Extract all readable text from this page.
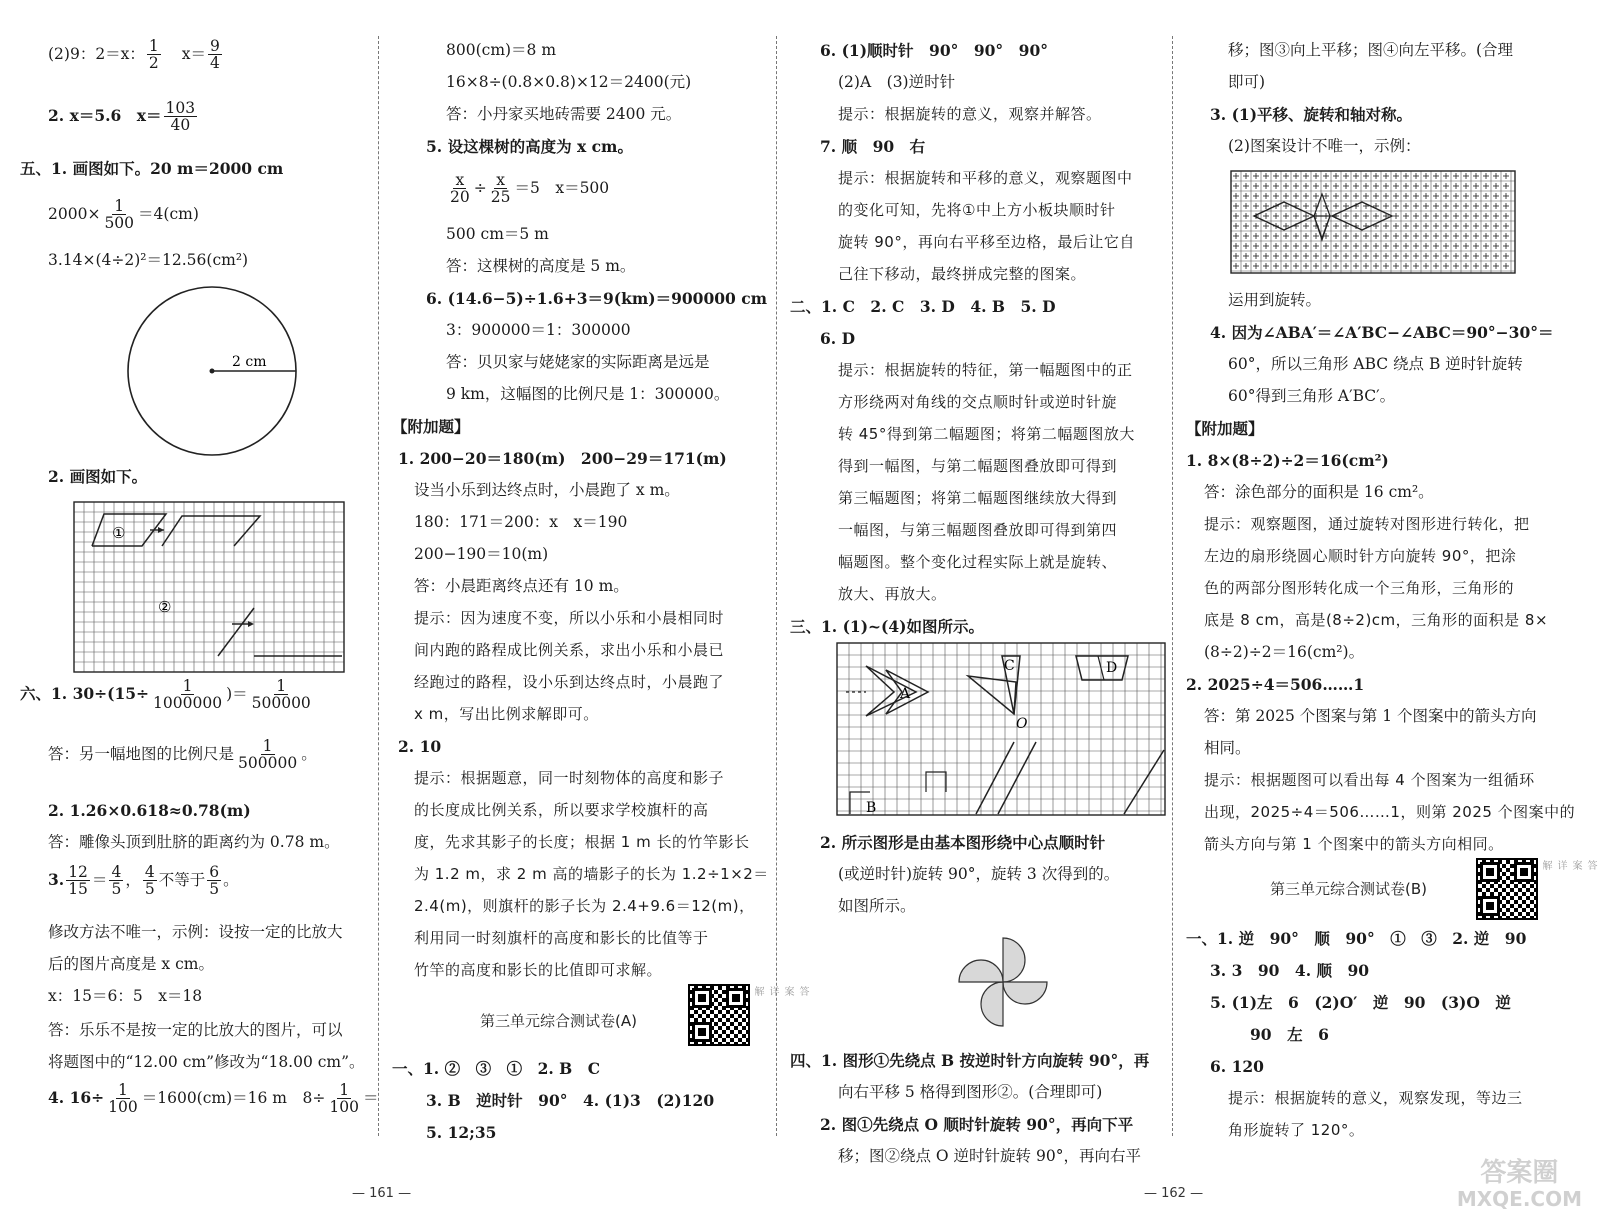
(2)9：2＝x： $\frac{1}{2} x= \frac{9}{4}$
2. x＝5.6　$x= \frac{103}{40}$
五、1. 画图如下。20 m＝2000 cm
$2000\times \frac{1}{500} =4(cm)$
3.14×(4÷2)²＝12.56(cm²)
2 cm
2. 画图如下。
①
②
六、1. $30\div(15\div \frac{1}{1000000}$ )＝ $\frac{1}{500000}$
答：另一幅地图的比例尺是 $\frac{1}{500000}$ 。
2. 1.26×0.618≈0.78(m)
答：雕像头顶到肚脐的距离约为 0.78 m。
3. $\frac{12}{15} = \frac{4}{5}$ ， $\frac{4}{5}$ 不等于 $\frac{6}{5}$ 。
修改方法不唯一，示例：设按一定的比放大
后的图片高度是 x cm。
x：15＝6：5　x＝18
答：乐乐不是按一定的比放大的图片，可以
将题图中的“12.00 cm”修改为“18.00 cm”。
4. $16\div \frac{1}{100} =1600(cm)=16$ m　$8\div \frac{1}{100}$ ＝
800(cm)＝8 m
16×8÷(0.8×0.8)×12＝2400(元)
答：小丹家买地砖需要 2400 元。
5. 设这棵树的高度为 x cm。
$\frac{x}{20} \div \frac{x}{25} =5$　x＝500
500 cm＝5 m
答：这棵树的高度是 5 m。
6. (14.6−5)÷1.6+3＝9(km)＝900000 cm
3：900000＝1：300000
答：贝贝家与姥姥家的实际距离是远是
9 km，这幅图的比例尺是 1：300000。
【附加题】
1. 200−20＝180(m)　200−29＝171(m)
设当小乐到达终点时，小晨跑了 x m。
180：171＝200：x　x＝190
200−190＝10(m)
答：小晨距离终点还有 10 m。
提示：因为速度不变，所以小乐和小晨相同时
间内跑的路程成比例关系，求出小乐和小晨已
经跑过的路程，设小乐到达终点时，小晨跑了
x m，写出比例求解即可。
2. 10
提示：根据题意，同一时刻物体的高度和影子
的长度成比例关系，所以要求学校旗杆的高
度，先求其影子的长度；根据 1 m 长的竹竿影长
为 1.2 m，求 2 m 高的墙影子的长为 1.2÷1×2＝
2.4(m)，则旗杆的影子长为 2.4+9.6＝12(m)，
利用同一时刻旗杆的高度和影长的比值等于
竹竿的高度和影长的比值即可求解。
第三单元综合测试卷(A)
答案详解
一、1. ②　③　①　2. B　C
3. B　逆时针　90°　4. (1)3　(2)120
5. 12;35
6. (1)顺时针　90°　90°　90°
(2)A　(3)逆时针
提示：根据旋转的意义，观察并解答。
7. 顺　90　右
提示：根据旋转和平移的意义，观察题图中
的变化可知，先将①中上方小板块顺时针
旋转 90°，再向右平移至边格，最后让它自
己往下移动，最终拼成完整的图案。
二、1. C　2. C　3. D　4. B　5. D
6. D
提示：根据旋转的特征，第一幅题图中的正
方形绕两对角线的交点顺时针或逆时针旋
转 45°得到第二幅题图；将第二幅题图放大
得到一幅图，与第二幅题图叠放即可得到
第三幅题图；将第二幅题图继续放大得到
一幅图，与第三幅题图叠放即可得到第四
幅题图。整个变化过程实际上就是旋转、
放大、再放大。
三、1. (1)~(4)如图所示。
A
C	D
O
B
2. 所示图形是由基本图形绕中心点顺时针
(或逆时针)旋转 90°，旋转 3 次得到的。
如图所示。
四、1. 图形①先绕点 B 按逆时针方向旋转 90°，再
向右平移 5 格得到图形②。(合理即可)
2. 图①先绕点 O 顺时针旋转 90°，再向下平
移；图②绕点 O 逆时针旋转 90°，再向右平
移；图③向上平移；图④向左平移。(合理
即可)
3. (1)平移、旋转和轴对称。
(2)图案设计不唯一，示例：
运用到旋转。
4. 因为∠ABA′＝∠A′BC−∠ABC＝90°−30°＝
60°，所以三角形 ABC 绕点 B 逆时针旋转
60°得到三角形 A′BC′。
【附加题】
1. 8×(8÷2)÷2＝16(cm²)
答：涂色部分的面积是 16 cm²。
提示：观察题图，通过旋转对图形进行转化，把
左边的扇形绕圆心顺时针方向旋转 90°，把涂
色的两部分图形转化成一个三角形，三角形的
底是 8 cm，高是(8÷2)cm，三角形的面积是 8×
(8÷2)÷2＝16(cm²)。
2. 2025÷4＝506……1
答：第 2025 个图案与第 1 个图案中的箭头方向
相同。
提示：根据题图可以看出每 4 个图案为一组循环
出现，2025÷4＝506……1，则第 2025 个图案中的
箭头方向与第 1 个图案中的箭头方向相同。
第三单元综合测试卷(B)
答案详解
一、1. 逆　90°　顺　90°　①　③　2. 逆　90
3. 3　90　4. 顺　90
5. (1)左　6　(2)O′　逆　90　(3)O　逆
90　左　6
6. 120
提示：根据旋转的意义，观察发现，等边三
角形旋转了 120°。
— 161 —	— 162 —
答案圈
MXQE.COM
